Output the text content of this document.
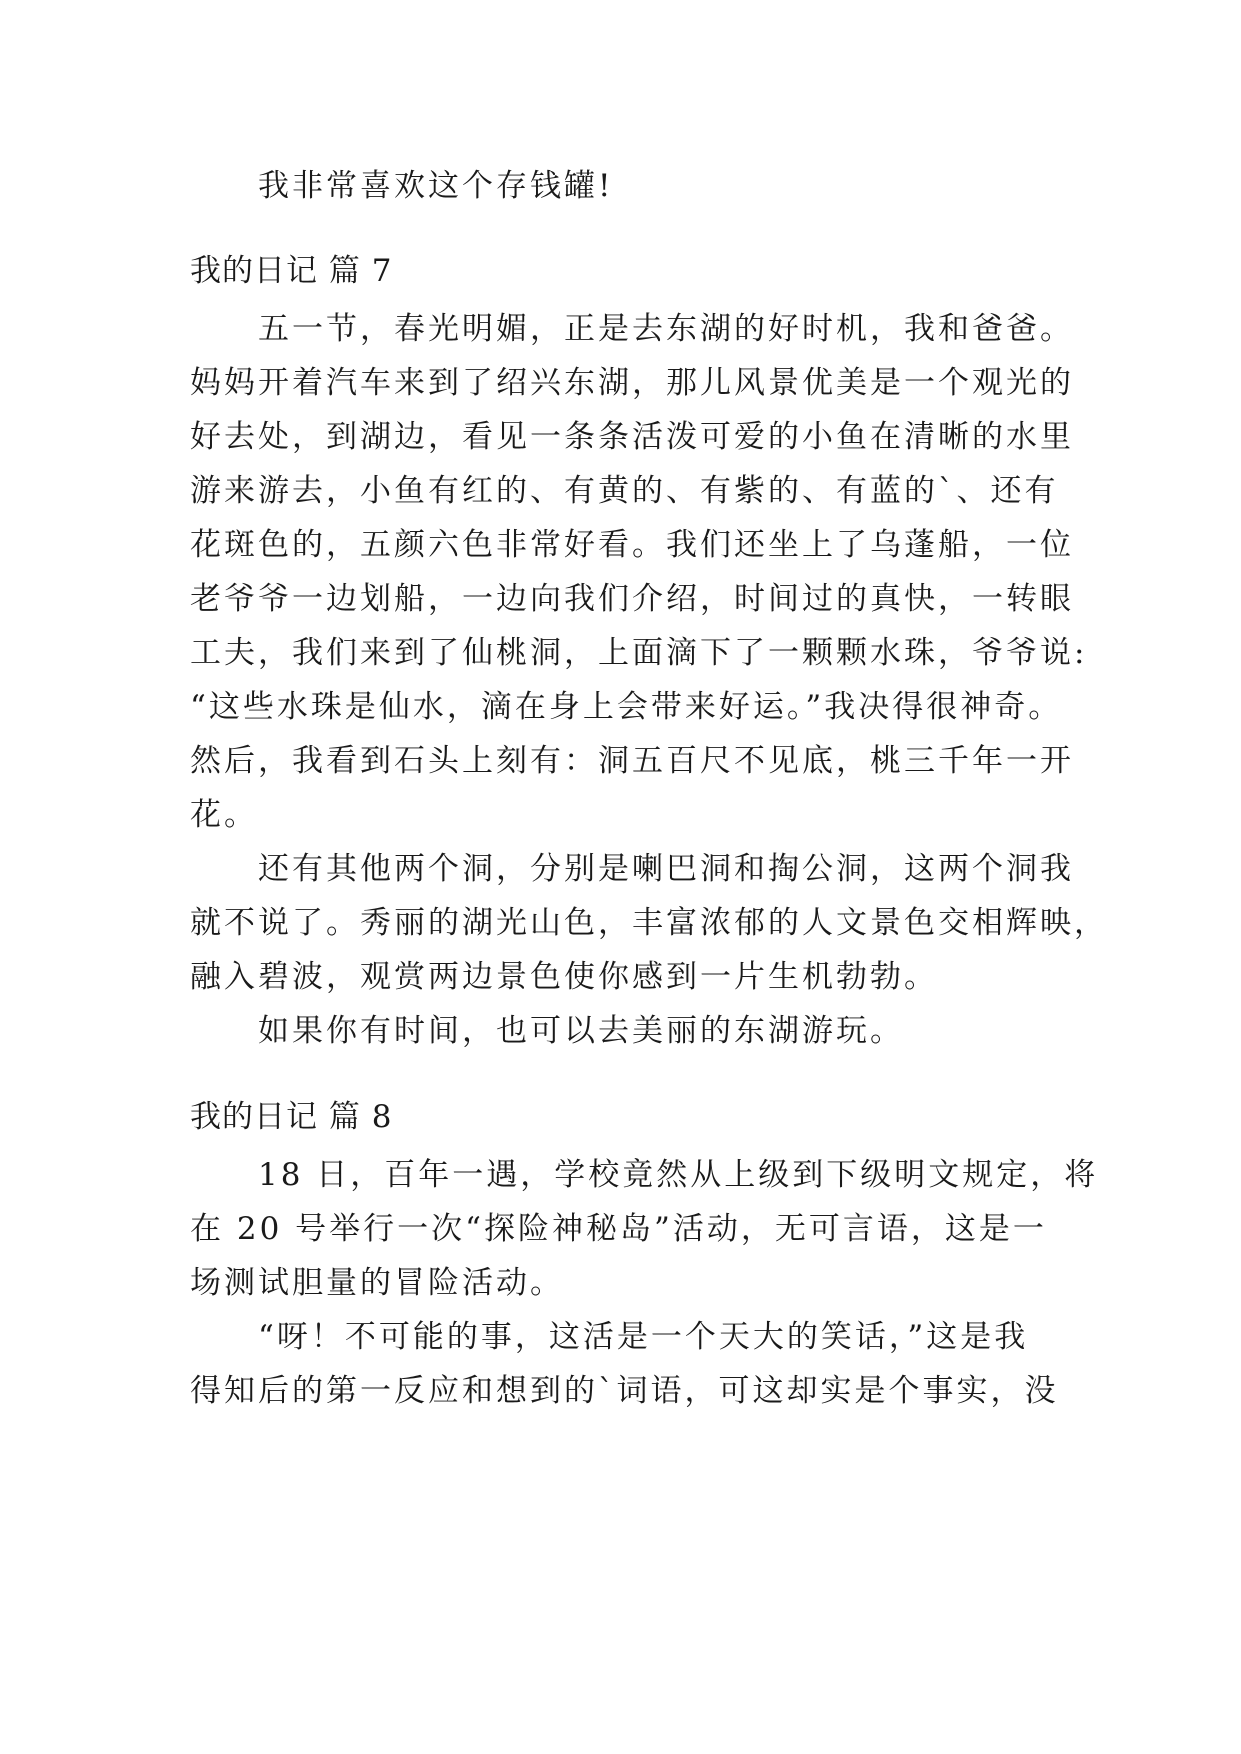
我非常喜欢这个存钱罐!
我的日记 篇 7
五一节，春光明媚，正是去东湖的好时机，我和爸爸。
妈妈开着汽车来到了绍兴东湖，那儿风景优美是一个观光的
好去处，到湖边，看见一条条活泼可爱的小鱼在清晰的水里
游来游去，小鱼有红的、有黄的、有紫的、有蓝的`、还有
花斑色的，五颜六色非常好看。我们还坐上了乌蓬船，一位
老爷爷一边划船，一边向我们介绍，时间过的真快，一转眼
工夫，我们来到了仙桃洞，上面滴下了一颗颗水珠，爷爷说:
“这些水珠是仙水，滴在身上会带来好运。”我决得很神奇。
然后，我看到石头上刻有：洞五百尺不见底，桃三千年一开
花。
还有其他两个洞，分别是喇巴洞和掏公洞，这两个洞我
就不说了。秀丽的湖光山色，丰富浓郁的人文景色交相辉映，
融入碧波，观赏两边景色使你感到一片生机勃勃。
如果你有时间，也可以去美丽的东湖游玩。
我的日记 篇 8
18 日，百年一遇，学校竟然从上级到下级明文规定，将
在 20 号举行一次“探险神秘岛”活动，无可言语，这是一
场测试胆量的冒险活动。
“呀！不可能的事，这活是一个天大的笑话，”这是我
得知后的第一反应和想到的`词语，可这却实是个事实，没
